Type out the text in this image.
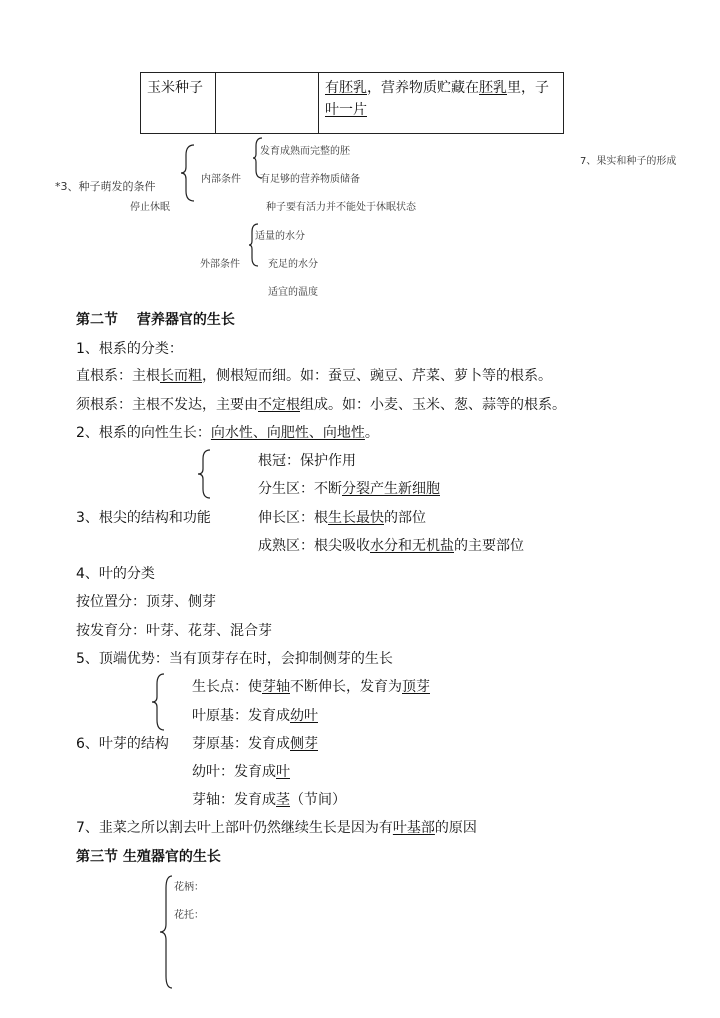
玉米种子		有胚乳，营养物质贮藏在胚乳里，子
叶一片
*3、种子萌发的条件
停止休眠
内部条件
发育成熟而完整的胚
有足够的营养物质储备
种子要有活力并不能处于休眠状态
7、果实和种子的形成
适量的水分
外部条件	充足的水分
适宜的温度
第二节　 营养器官的生长
1、根系的分类：
直根系：主根长而粗，侧根短而细。如：蚕豆、豌豆、芹菜、萝卜等的根系。
须根系：主根不发达，主要由不定根组成。如：小麦、玉米、葱、蒜等的根系。
2、根系的向性生长：向水性、向肥性、向地性。
根冠：保护作用
分生区：不断分裂产生新细胞
3、根尖的结构和功能	伸长区：根生长最快的部位
成熟区：根尖吸收水分和无机盐的主要部位
4、叶的分类
按位置分：顶芽、侧芽
按发育分：叶芽、花芽、混合芽
5、顶端优势：当有顶芽存在时，会抑制侧芽的生长
生长点：使芽轴不断伸长，发育为顶芽
叶原基：发育成幼叶
6、叶芽的结构 芽原基：发育成侧芽
幼叶：发育成叶
芽轴：发育成茎（节间）
7、韭菜之所以割去叶上部叶仍然继续生长是因为有叶基部的原因
第三节 生殖器官的生长
花柄：
花托：
